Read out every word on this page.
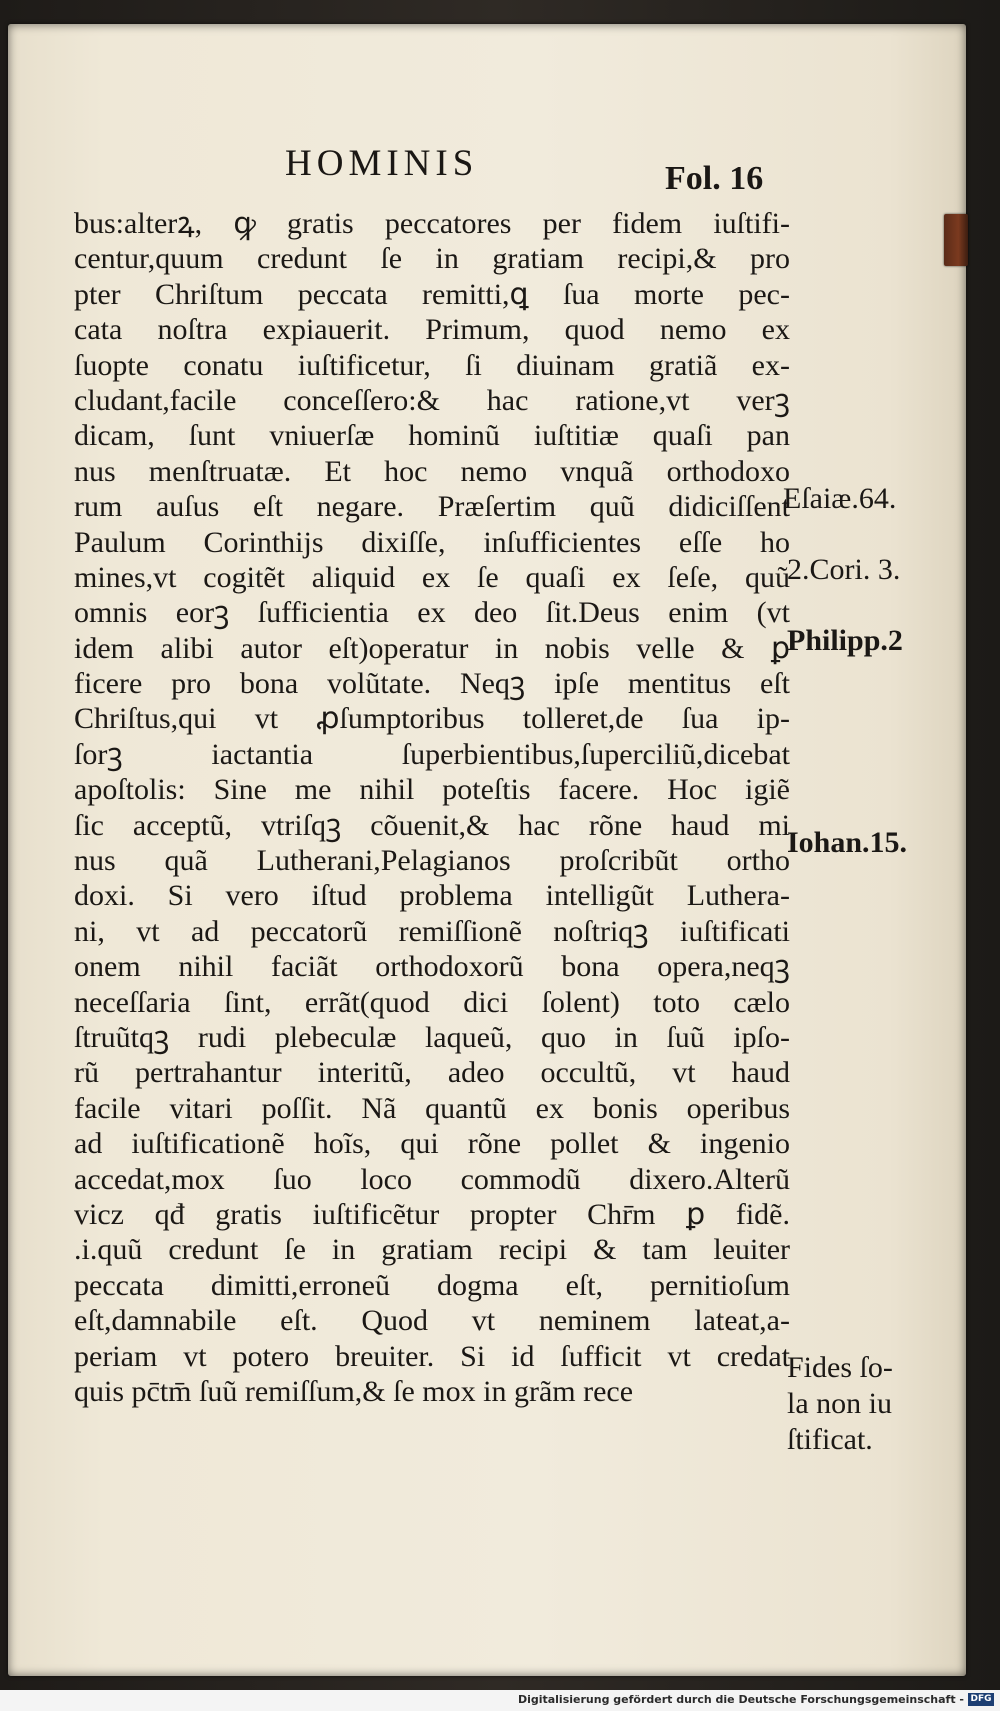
HOMINIS	Fol. 16
bus:alterꝝ, ꝙ gratis peccatores per fidem iuſtifi-
centur,quum credunt ſe in gratiam recipi,& pro
pter Chriſtum peccata remitti,ꝗ ſua morte pec-
cata noſtra expiauerit. Primum, quod nemo ex
ſuopte conatu iuſtificetur, ſi diuinam gratiã ex-
cludant,facile conceſſero:& hac ratione,vt verꝫ
dicam, ſunt vniuerſæ hominũ iuſtitiæ quaſi pan
nus menſtruatæ. Et hoc nemo vnquã orthodoxo
rum auſus eſt negare. Præſertim quũ didiciſſent
Paulum Corinthijs dixiſſe, inſufficientes eſſe ho
mines,vt cogitẽt aliquid ex ſe quaſi ex ſeſe, quũ
omnis eorꝫ ſufficientia ex deo ſit.Deus enim (vt
idem alibi autor eſt)operatur in nobis velle & ꝑ
ficere pro bona volũtate. Neqꝫ ipſe mentitus eſt
Chriſtus,qui vt ꝓſumptoribus tolleret,de ſua ip-
ſorꝫ iactantia ſuperbientibus,ſuperciliũ,dicebat
apoſtolis: Sine me nihil poteſtis facere. Hoc igiẽ
ſic acceptũ, vtriſqꝫ cõuenit,& hac rõne haud mi
nus quã Lutherani,Pelagianos proſcribũt ortho
doxi. Si vero iſtud problema intelligũt Luthera-
ni, vt ad peccatorũ remiſſionẽ noſtriqꝫ iuſtificati
onem nihil faciãt orthodoxorũ bona opera,neqꝫ
neceſſaria ſint, errãt(quod dici ſolent) toto cælo
ſtruũtqꝫ rudi plebeculæ laqueũ, quo in ſuũ ipſo-
rũ pertrahantur interitũ, adeo occultũ, vt haud
facile vitari poſſit. Nã quantũ ex bonis operibus
ad iuſtificationẽ hoĩs, qui rõne pollet & ingenio
accedat,mox ſuo loco commodũ dixero.Alterũ
vicz qđ gratis iuſtificẽtur propter Chr̄m ꝑ fidẽ.
.i.quũ credunt ſe in gratiam recipi & tam leuiter
peccata dimitti,erroneũ dogma eſt, pernitioſum
eſt,damnabile eſt. Quod vt neminem lateat,a-
periam vt potero breuiter. Si id ſufficit vt credat
quis pc̄tm̄ ſuũ remiſſum,& ſe mox in grãm rece
Eſaiæ.64.
2.Cori. 3.
Philipp.2
Iohan.15.
Fides ſo-
la non iu
ſtificat.
Digitalisierung gefördert durch die Deutsche Forschungsgemeinschaft - DFG
